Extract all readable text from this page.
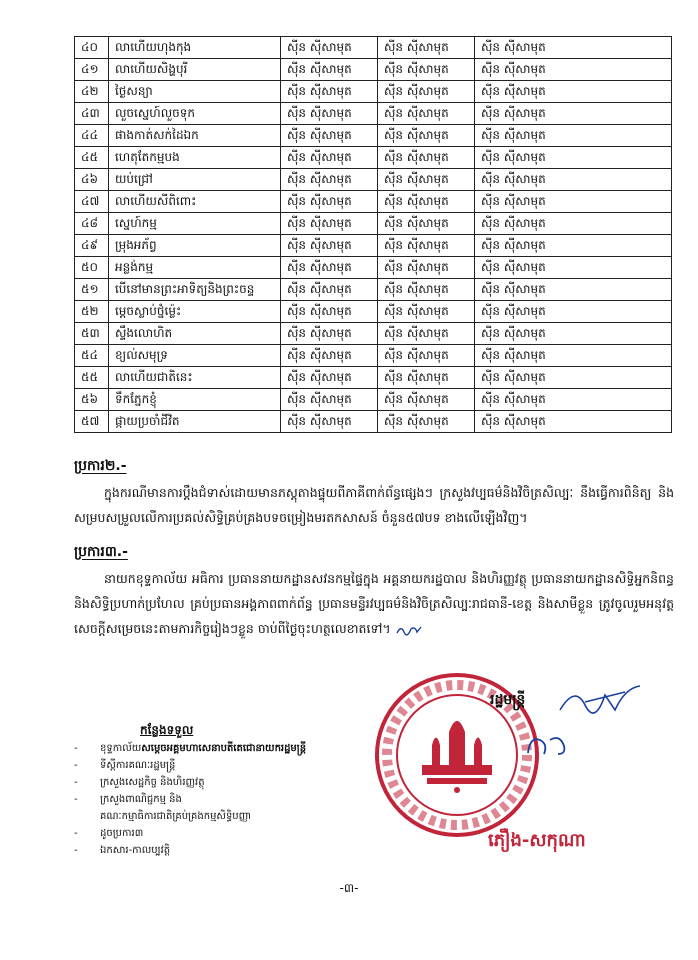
៤០	លាហើយហុងកុង	ស៊ីន ស៊ីសាមុត	ស៊ីន ស៊ីសាមុត	ស៊ីន ស៊ីសាមុត
៤១	លាហើយសិង្ហបុរី	ស៊ីន ស៊ីសាមុត	ស៊ីន ស៊ីសាមុត	ស៊ីន ស៊ីសាមុត
៤២	ថ្ងៃសន្យា	ស៊ីន ស៊ីសាមុត	ស៊ីន ស៊ីសាមុត	ស៊ីន ស៊ីសាមុត
៤៣	លួចស្នេហ៍លួចទុក	ស៊ីន ស៊ីសាមុត	ស៊ីន ស៊ីសាមុត	ស៊ីន ស៊ីសាមុត
៤៤	ផាងកាត់សក់ដៃឯក	ស៊ីន ស៊ីសាមុត	ស៊ីន ស៊ីសាមុត	ស៊ីន ស៊ីសាមុត
៤៥	ហេតុតែកម្មបង	ស៊ីន ស៊ីសាមុត	ស៊ីន ស៊ីសាមុត	ស៊ីន ស៊ីសាមុត
៤៦	យប់ជ្រៅ	ស៊ីន ស៊ីសាមុត	ស៊ីន ស៊ីសាមុត	ស៊ីន ស៊ីសាមុត
៤៧	លាហើយសីពិពោះ	ស៊ីន ស៊ីសាមុត	ស៊ីន ស៊ីសាមុត	ស៊ីន ស៊ីសាមុត
៤៨	ស្នេហ៍កម្ម	ស៊ីន ស៊ីសាមុត	ស៊ីន ស៊ីសាមុត	ស៊ីន ស៊ីសាមុត
៤៩	ម្រុងអភ័ព្វ	ស៊ីន ស៊ីសាមុត	ស៊ីន ស៊ីសាមុត	ស៊ីន ស៊ីសាមុត
៥០	អន្លង់កម្ម	ស៊ីន ស៊ីសាមុត	ស៊ីន ស៊ីសាមុត	ស៊ីន ស៊ីសាមុត
៥១	បើនៅមានព្រះអាទិត្យនិងព្រះចន្ទ	ស៊ីន ស៊ីសាមុត	ស៊ីន ស៊ីសាមុត	ស៊ីន ស៊ីសាមុត
៥២	ម្ដេចស្លាប់ថ្នំម្ល៉េះ	ស៊ីន ស៊ីសាមុត	ស៊ីន ស៊ីសាមុត	ស៊ីន ស៊ីសាមុត
៥៣	ស្ទឹងលោហិត	ស៊ីន ស៊ីសាមុត	ស៊ីន ស៊ីសាមុត	ស៊ីន ស៊ីសាមុត
៥៤	ខ្យល់សមុទ្រ	ស៊ីន ស៊ីសាមុត	ស៊ីន ស៊ីសាមុត	ស៊ីន ស៊ីសាមុត
៥៥	លាហើយជាតិនេះ	ស៊ីន ស៊ីសាមុត	ស៊ីន ស៊ីសាមុត	ស៊ីន ស៊ីសាមុត
៥៦	ទឹកភ្នែកខ្ញុំ	ស៊ីន ស៊ីសាមុត	ស៊ីន ស៊ីសាមុត	ស៊ីន ស៊ីសាមុត
៥៧	ផ្កាយប្រចាំជីវិត	ស៊ីន ស៊ីសាមុត	ស៊ីន ស៊ីសាមុត	ស៊ីន ស៊ីសាមុត
ប្រការ២.-
ក្នុងករណីមានការប្ដឹងជំទាស់ដោយមានភស្តុតាងផ្ទុយពីភាគីពាក់ព័ន្ធផ្សេងៗ ក្រសួងវប្បធម៌និងវិចិត្រសិល្បៈ នឹងធ្វើការពិនិត្យ និងសម្របសម្រួលលើការប្រគល់សិទ្ធិគ្រប់គ្រងបទចម្រៀងមរតកសាសន៍ ចំនួន៥៧បទ ខាងលើឡើងវិញ។
ប្រការ៣.-
នាយកខុទ្ទកាល័យ អធិការ ប្រធាននាយកដ្ឋានសវនកម្មផ្ទៃក្នុង អគ្គនាយករដ្ឋបាល និងហិរញ្ញវត្ថុ ប្រធាននាយកដ្ឋានសិទ្ធិអ្នកនិពន្ធនិងសិទ្ធិប្រហាក់ប្រហែល គ្រប់ប្រធានអង្គភាពពាក់ព័ន្ធ ប្រធានមន្ទីរវប្បធម៌និងវិចិត្រសិល្បៈរាជធានី-ខេត្ត និងសាមីខ្លួន ត្រូវចូលរួមអនុវត្តសេចក្ដីសម្រេចនេះតាមភារកិច្ចរៀងៗខ្លួន ចាប់ពីថ្ងៃចុះហត្ថលេខាតទៅ។
កន្លែងទទួល
- ខុទ្ទកាល័យសម្ដេចអគ្គមហាសេនាបតីតេជោនាយករដ្ឋមន្ត្រី
- ទីស្ដីការគណៈរដ្ឋមន្ត្រី
- ក្រសួងសេដ្ឋកិច្ច និងហិរញ្ញវត្ថុ
- ក្រសួងពាណិជ្ជកម្ម និង
គណៈកម្មាធិការជាតិគ្រប់គ្រងកម្មសិទ្ធិបញ្ញា
- ដូចប្រការ៣
- ឯកសារ-កាលប្បវត្តិ
រដ្ឋមន្ត្រី
ភឿង-សកុណា
-៣-
